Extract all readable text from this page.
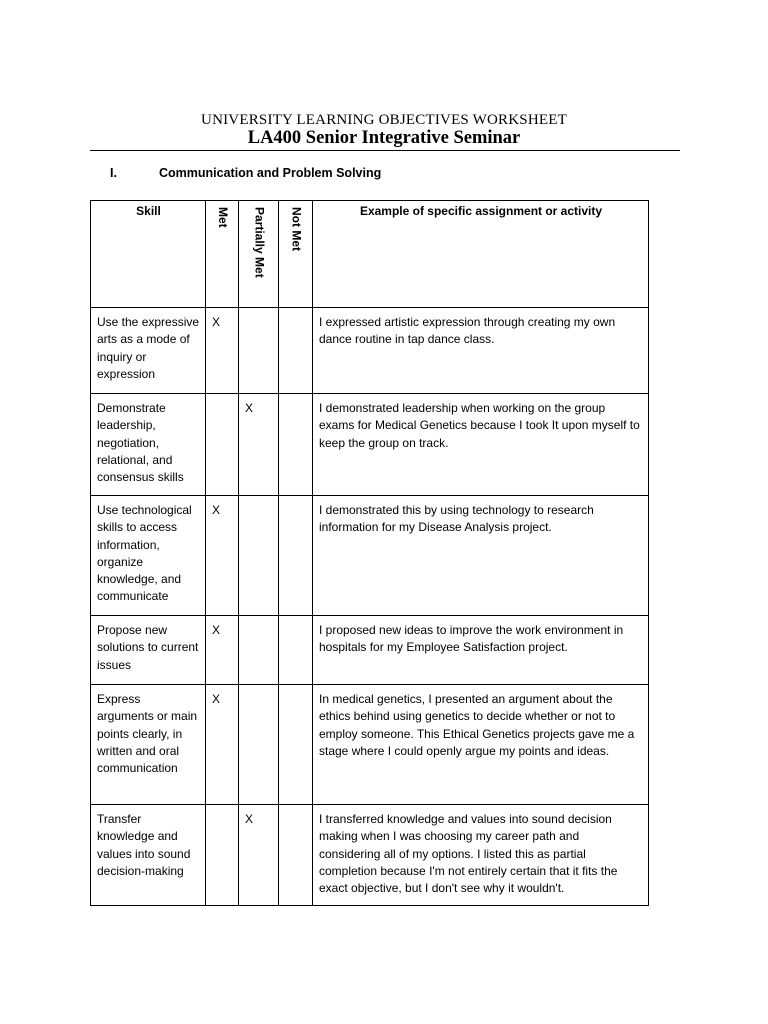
UNIVERSITY LEARNING OBJECTIVES WORKSHEET
LA400 Senior Integrative Seminar
I.	Communication and Problem Solving
Skill	Met	Partially Met	Not Met	Example of specific assignment or activity
Use the expressive arts as a mode of inquiry or expression	X			I expressed artistic expression through creating my own dance routine in tap dance class.
Demonstrate leadership, negotiation, relational, and consensus skills		X		I demonstrated leadership when working on the group exams for Medical Genetics because I took It upon myself to keep the group on track.
Use technological skills to access information, organize knowledge, and communicate	X			I demonstrated this by using technology to research information for my Disease Analysis project.
Propose new solutions to current issues	X			I proposed new ideas to improve the work environment in hospitals for my Employee Satisfaction project.
Express arguments or main points clearly, in written and oral communication	X			In medical genetics, I presented an argument about the ethics behind using genetics to decide whether or not to employ someone. This Ethical Genetics projects gave me a stage where I could openly argue my points and ideas.
Transfer knowledge and values into sound decision-making		X		I transferred knowledge and values into sound decision making when I was choosing my career path and considering all of my options. I listed this as partial completion because I'm not entirely certain that it fits the exact objective, but I don't see why it wouldn't.
